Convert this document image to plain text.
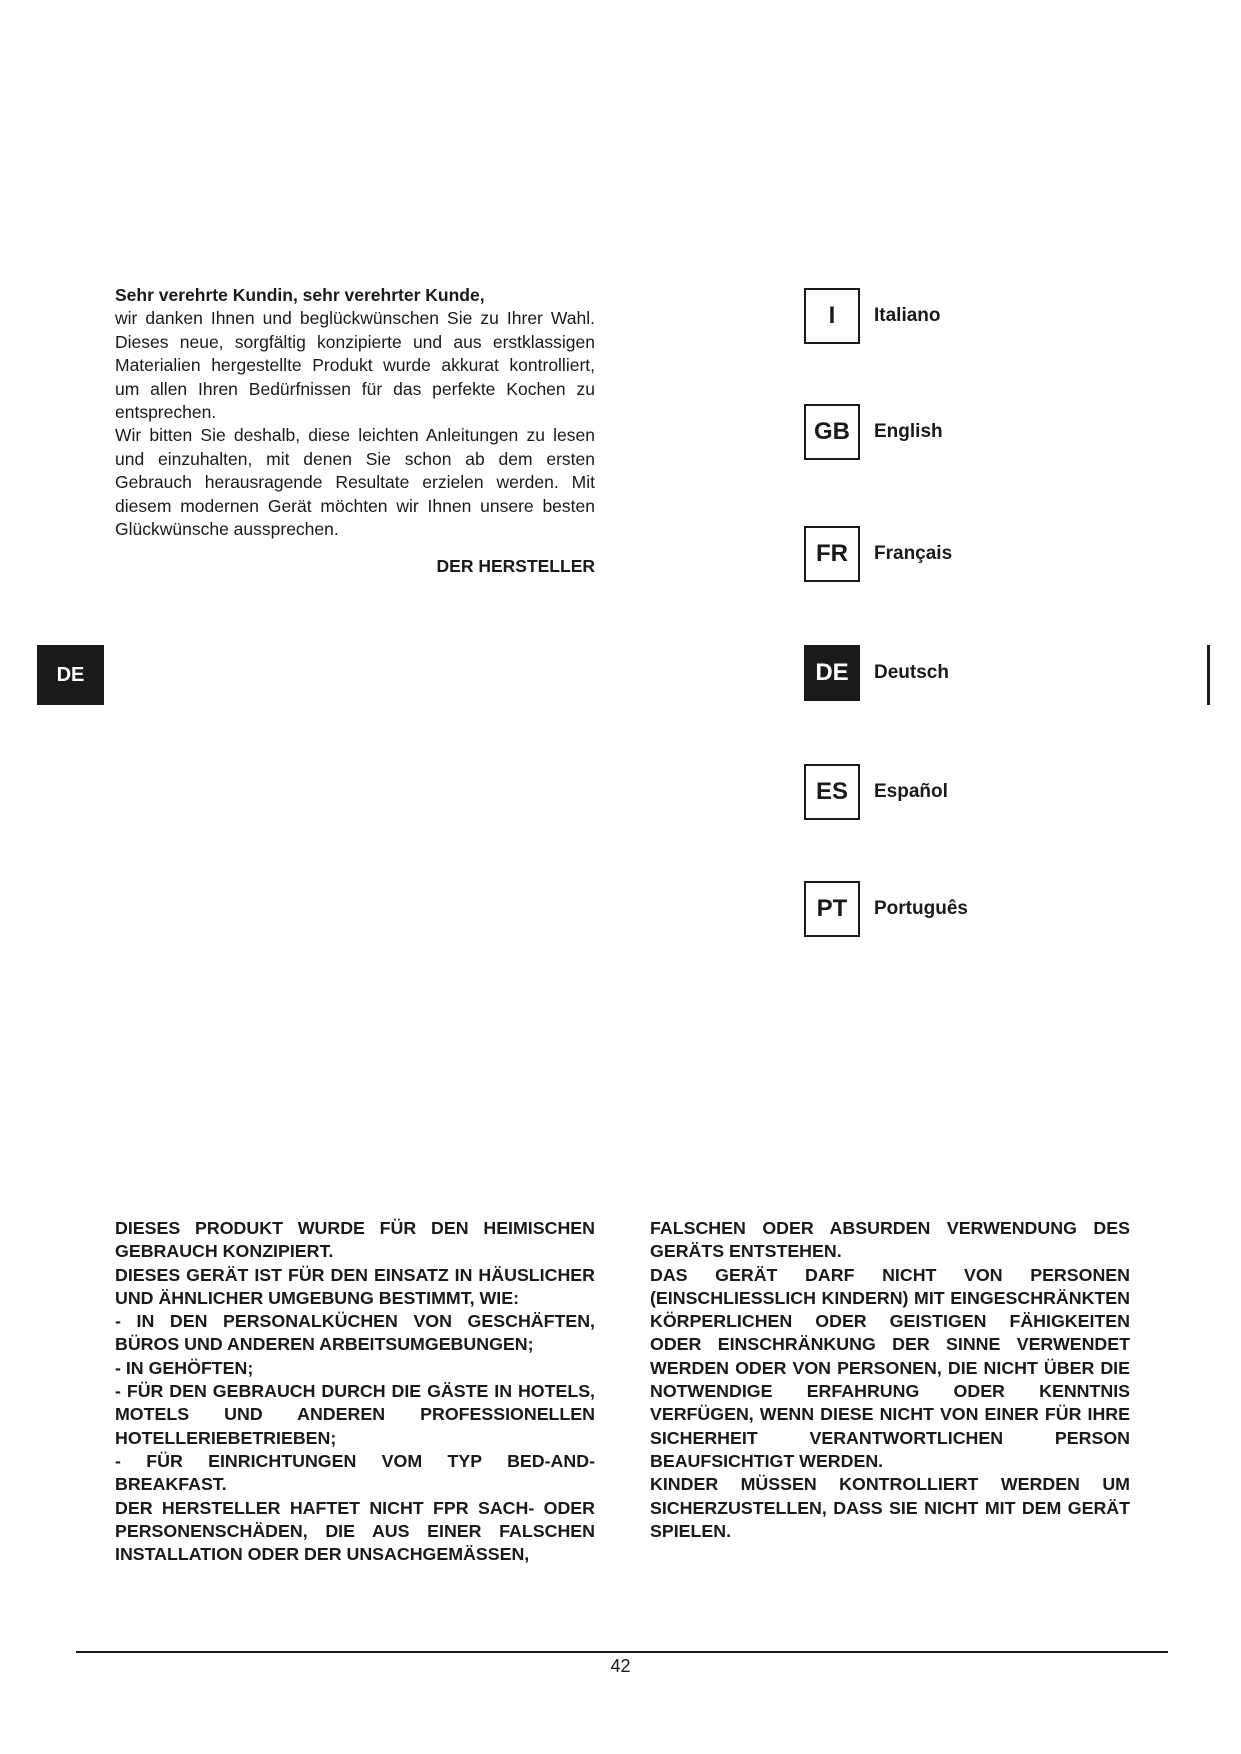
Sehr verehrte Kundin, sehr verehrter Kunde,

wir danken Ihnen und beglückwünschen Sie zu Ihrer Wahl. Dieses neue, sorgfältig konzipierte und aus erstklassigen Materialien hergestellte Produkt wurde akkurat kontrolliert, um allen Ihren Bedürfnissen für das perfekte Kochen zu entsprechen.

Wir bitten Sie deshalb, diese leichten Anleitungen zu lesen und einzuhalten, mit denen Sie schon ab dem ersten Gebrauch herausragende Resultate erzielen werden. Mit diesem modernen Gerät möchten wir Ihnen unsere besten Glückwünsche aussprechen.

DER HERSTELLER

DE
I	Italiano
GB	English
FR	Français
DE	Deutsch
ES	Español
PT	Português

DIESES PRODUKT WURDE FÜR DEN HEIMISCHEN GEBRAUCH KONZIPIERT.

DIESES GERÄT IST FÜR DEN EINSATZ IN HÄUSLICHER UND ÄHNLICHER UMGEBUNG BESTIMMT, WIE:

- IN DEN PERSONALKÜCHEN VON GESCHÄFTEN, BÜROS UND ANDEREN ARBEITSUMGEBUNGEN;

- IN GEHÖFTEN;

- FÜR DEN GEBRAUCH DURCH DIE GÄSTE IN HOTELS, MOTELS UND ANDEREN PROFESSIONELLEN HOTELLERIEBETRIEBEN;

- FÜR EINRICHTUNGEN VOM TYP BED-AND-BREAKFAST.

DER HERSTELLER HAFTET NICHT FPR SACH- ODER PERSONENSCHÄDEN, DIE AUS EINER FALSCHEN INSTALLATION ODER DER UNSACHGEMÄSSEN,

FALSCHEN ODER ABSURDEN VERWENDUNG DES GERÄTS ENTSTEHEN.

DAS GERÄT DARF NICHT VON PERSONEN (EINSCHLIESSLICH KINDERN) MIT EINGESCHRÄNKTEN KÖRPERLICHEN ODER GEISTIGEN FÄHIGKEITEN ODER EINSCHRÄNKUNG DER SINNE VERWENDET WERDEN ODER VON PERSONEN, DIE NICHT ÜBER DIE NOTWENDIGE ERFAHRUNG ODER KENNTNIS VERFÜGEN, WENN DIESE NICHT VON EINER FÜR IHRE SICHERHEIT VERANTWORTLICHEN PERSON BEAUFSICHTIGT WERDEN.

KINDER MÜSSEN KONTROLLIERT WERDEN UM SICHERZUSTELLEN, DASS SIE NICHT MIT DEM GERÄT SPIELEN.

42
